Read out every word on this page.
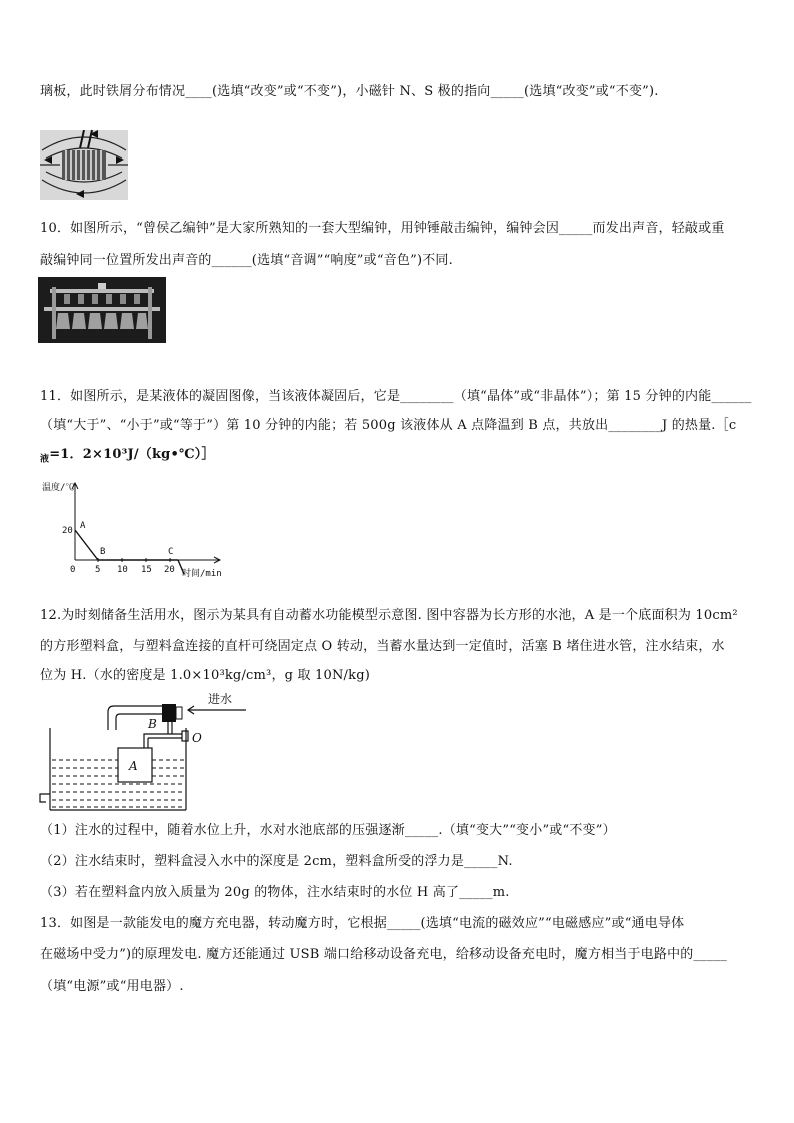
璃板，此时铁屑分布情况____(选填“改变”或“不变”)，小磁针 N、S 极的指向_____(选填“改变”或“不变”).
10．如图所示，“曾侯乙编钟”是大家所熟知的一套大型编钟，用钟锤敲击编钟，编钟会因_____而发出声音，轻敲或重
敲编钟同一位置所发出声音的______(选填“音调”“响度”或“音色”)不同.
11．如图所示，是某液体的凝固图像，当该液体凝固后，它是________（填“晶体”或“非晶体”）；第 15 分钟的内能______
（填“大于”、“小于”或“等于”）第 10 分钟的内能；若 500g 该液体从 A 点降温到 B 点，共放出________J 的热量.［c
$_液$=1．2×10³J/（kg•℃）］
温度/℃
20 A
B	C
0 5 10 15 20 时间/min
12.为时刻储备生活用水，图示为某具有自动蓄水功能模型示意图. 图中容器为长方形的水池，A 是一个底面积为 10cm²
的方形塑料盒，与塑料盒连接的直杆可绕固定点 O 转动，当蓄水量达到一定值时，活塞 B 堵住进水管，注水结束，水
位为 H.（水的密度是 1.0×10³kg/cm³，g 取 10N/kg)
进水
B
O
A
（1）注水的过程中，随着水位上升，水对水池底部的压强逐渐_____.（填“变大”“变小”或“不变”）
（2）注水结束时，塑料盒浸入水中的深度是 2cm，塑料盒所受的浮力是_____N.
（3）若在塑料盒内放入质量为 20g 的物体，注水结束时的水位 H 高了_____m.
13．如图是一款能发电的魔方充电器，转动魔方时，它根据_____(选填“电流的磁效应”“电磁感应”或“通电导体
在磁场中受力”)的原理发电. 魔方还能通过 USB 端口给移动设备充电，给移动设备充电时，魔方相当于电路中的_____
（填“电源”或“用电器）.
